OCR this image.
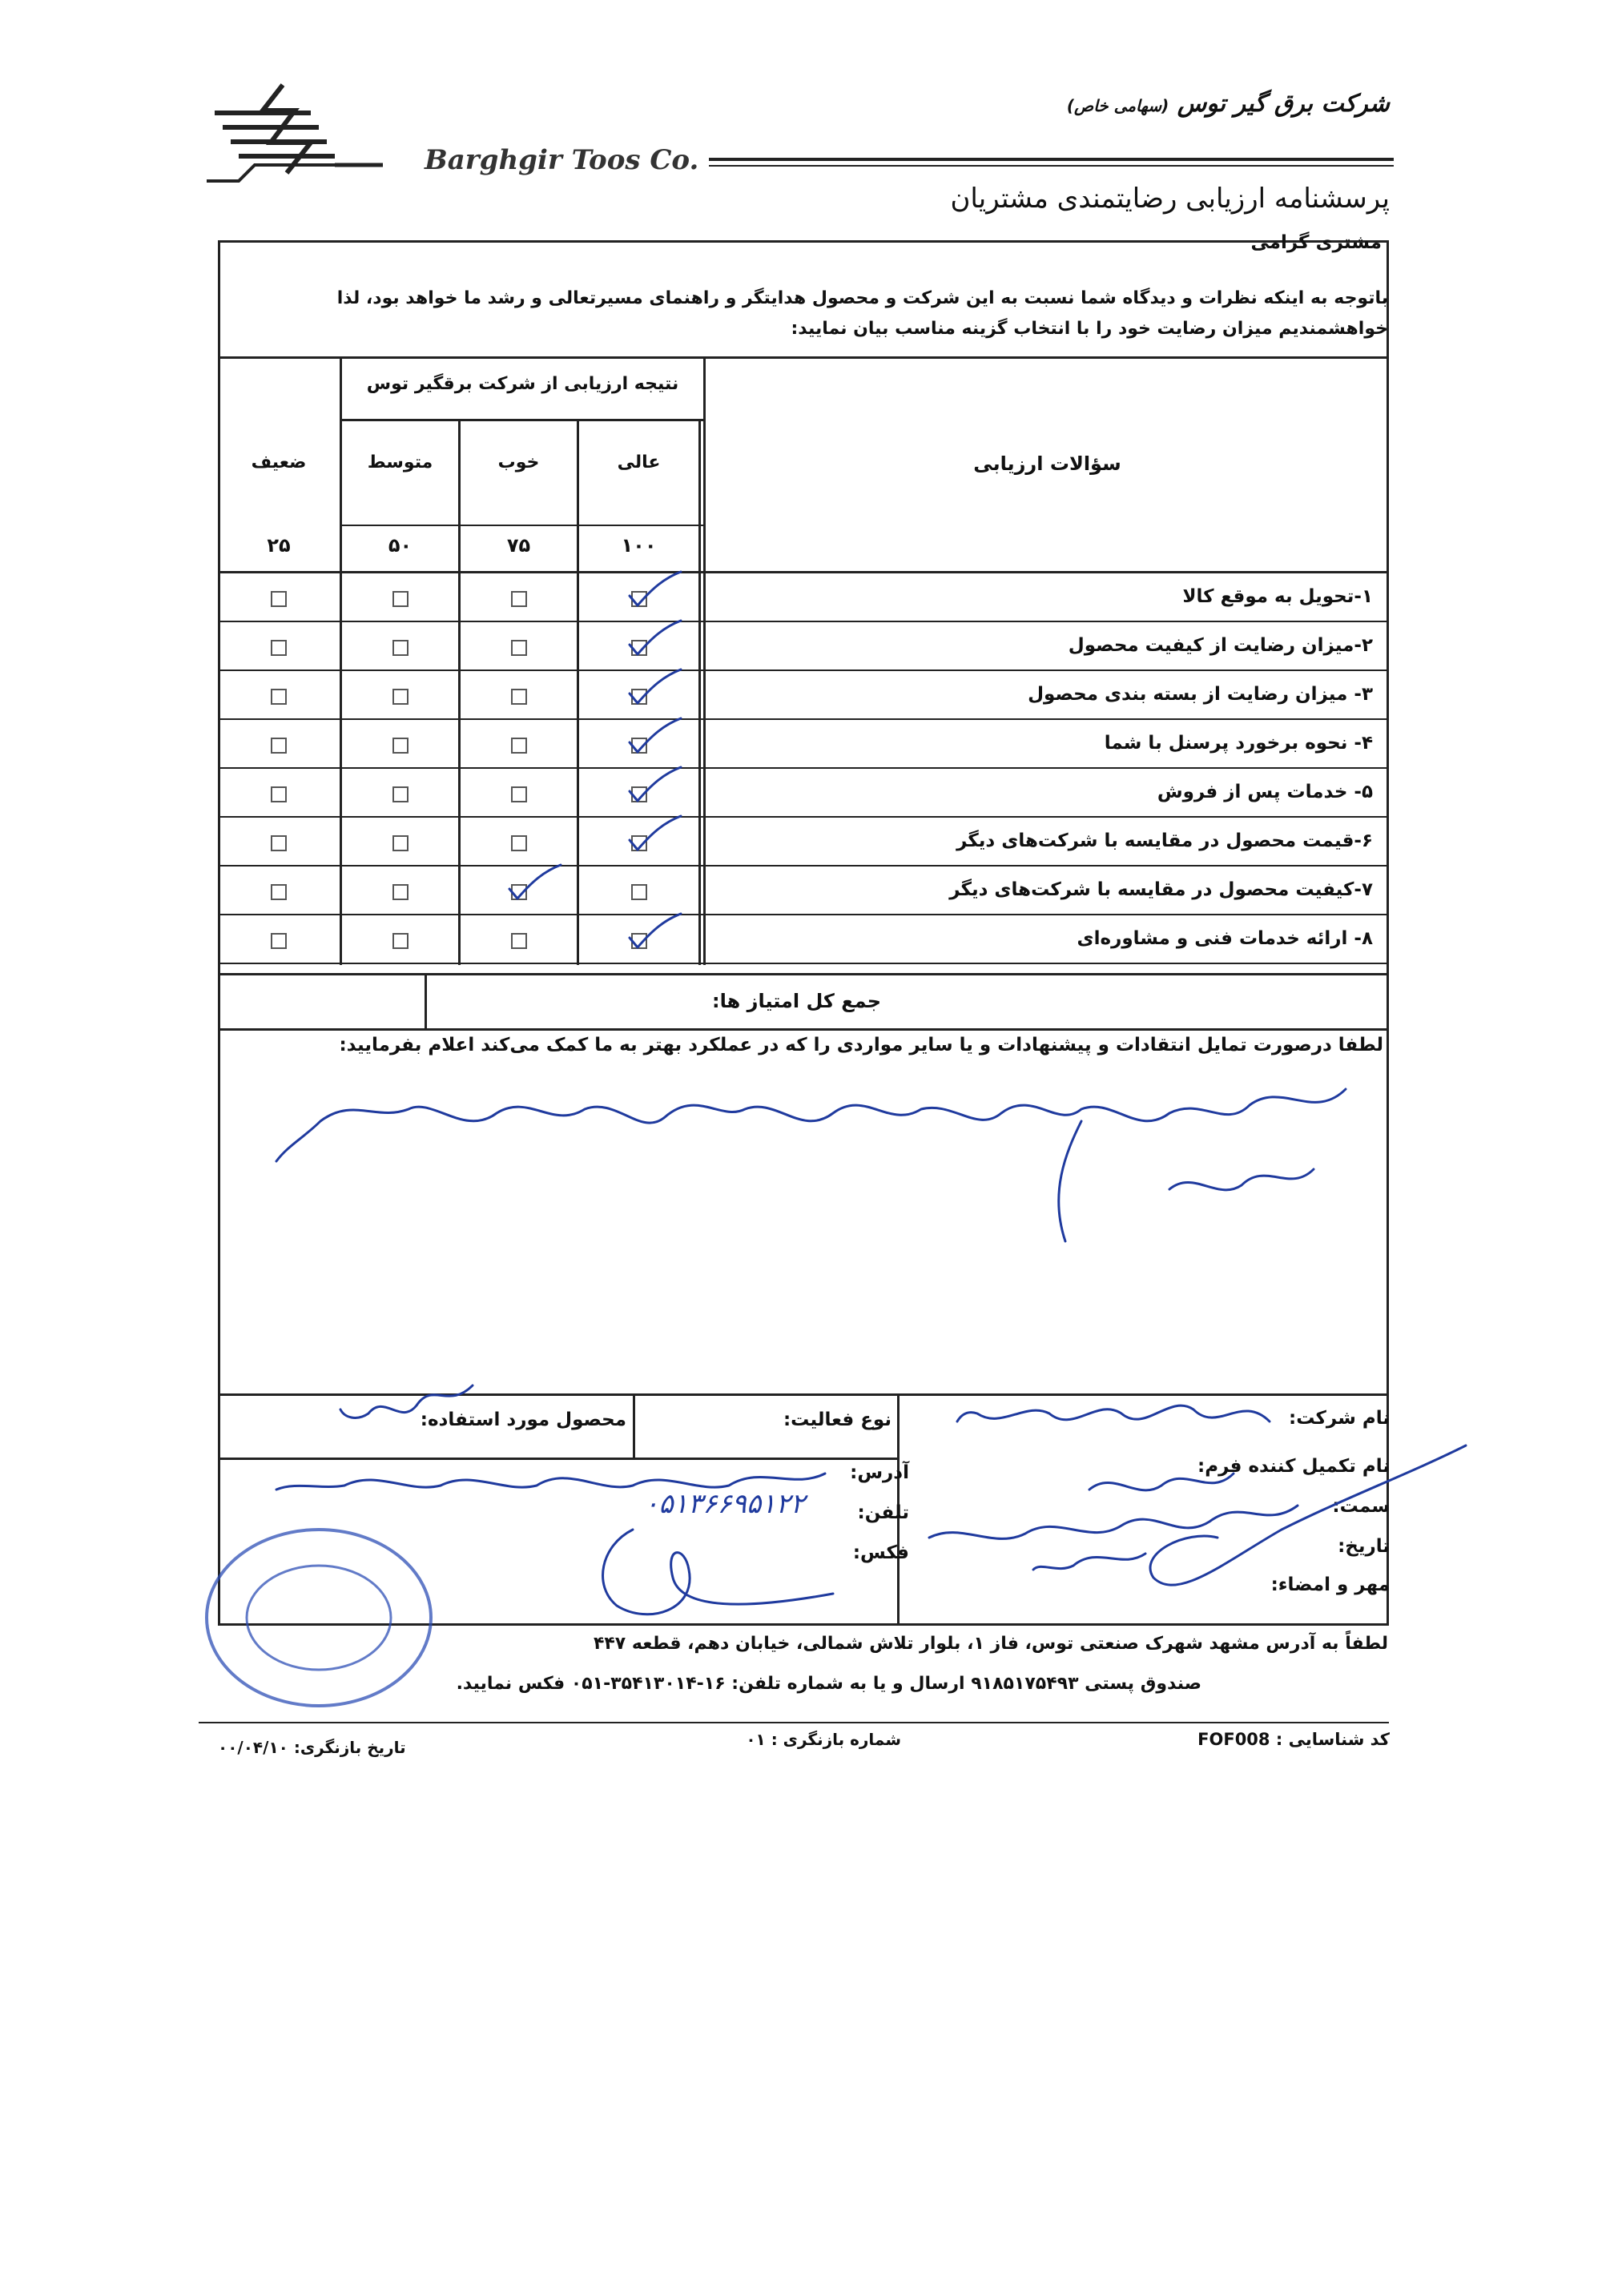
Barghgir Toos Co.
شرکت برق گیر توس (سهامی خاص)
پرسشنامه ارزیابی رضایتمندی مشتریان
مشتری گرامی
باتوجه به اینکه نظرات و دیدگاه شما نسبت به این شرکت و محصول هدایتگر و راهنمای مسیرتعالی و رشد ما خواهد بود، لذا
خواهشمندیم میزان رضایت خود را با انتخاب گزینه مناسب بیان نمایید:
نتیجه ارزیابی از شرکت برقگیر توس
سؤالات ارزیابی
عالی
۱۰۰
خوب
۷۵
متوسط
۵۰
ضعیف
۲۵
۱-تحویل به موقع کالا
۲-میزان رضایت از کیفیت محصول
۳- میزان رضایت از بسته بندی محصول
۴- نحوه برخورد پرسنل با شما
۵- خدمات پس از فروش
۶-قیمت محصول در مقایسه با شرکت‌های دیگر
۷-کیفیت محصول در مقایسه با شرکت‌های دیگر
۸- ارائه خدمات فنی و مشاوره‌ای
جمع کل امتیاز ها:
لطفا درصورت تمایل انتقادات و پیشنهادات و یا سایر مواردی را که در عملکرد بهتر به ما کمک می‌کند اعلام بفرمایید:
نام شرکت:
نوع فعالیت:
محصول مورد استفاده:
نام تکمیل کننده فرم:
سمت:
تاریخ:
مهر و امضاء:
آدرس:
تلفن:
فکس:
۰۵۱۳۶۶۹۵۱۲۲
لطفاً به آدرس مشهد شهرک صنعتی توس، فاز ۱، بلوار تلاش شمالی، خیابان دهم، قطعه ۴۴۷
صندوق پستی ۹۱۸۵۱۷۵۴۹۳ ارسال و یا به شماره تلفن: ۱۶-۳۵۴۱۳۰۱۴-۰۵۱ فکس نمایید.
کد شناسایی : FOF008
شماره بازنگری : ۰۱
تاریخ بازنگری: ۰۰/۰۴/۱۰
